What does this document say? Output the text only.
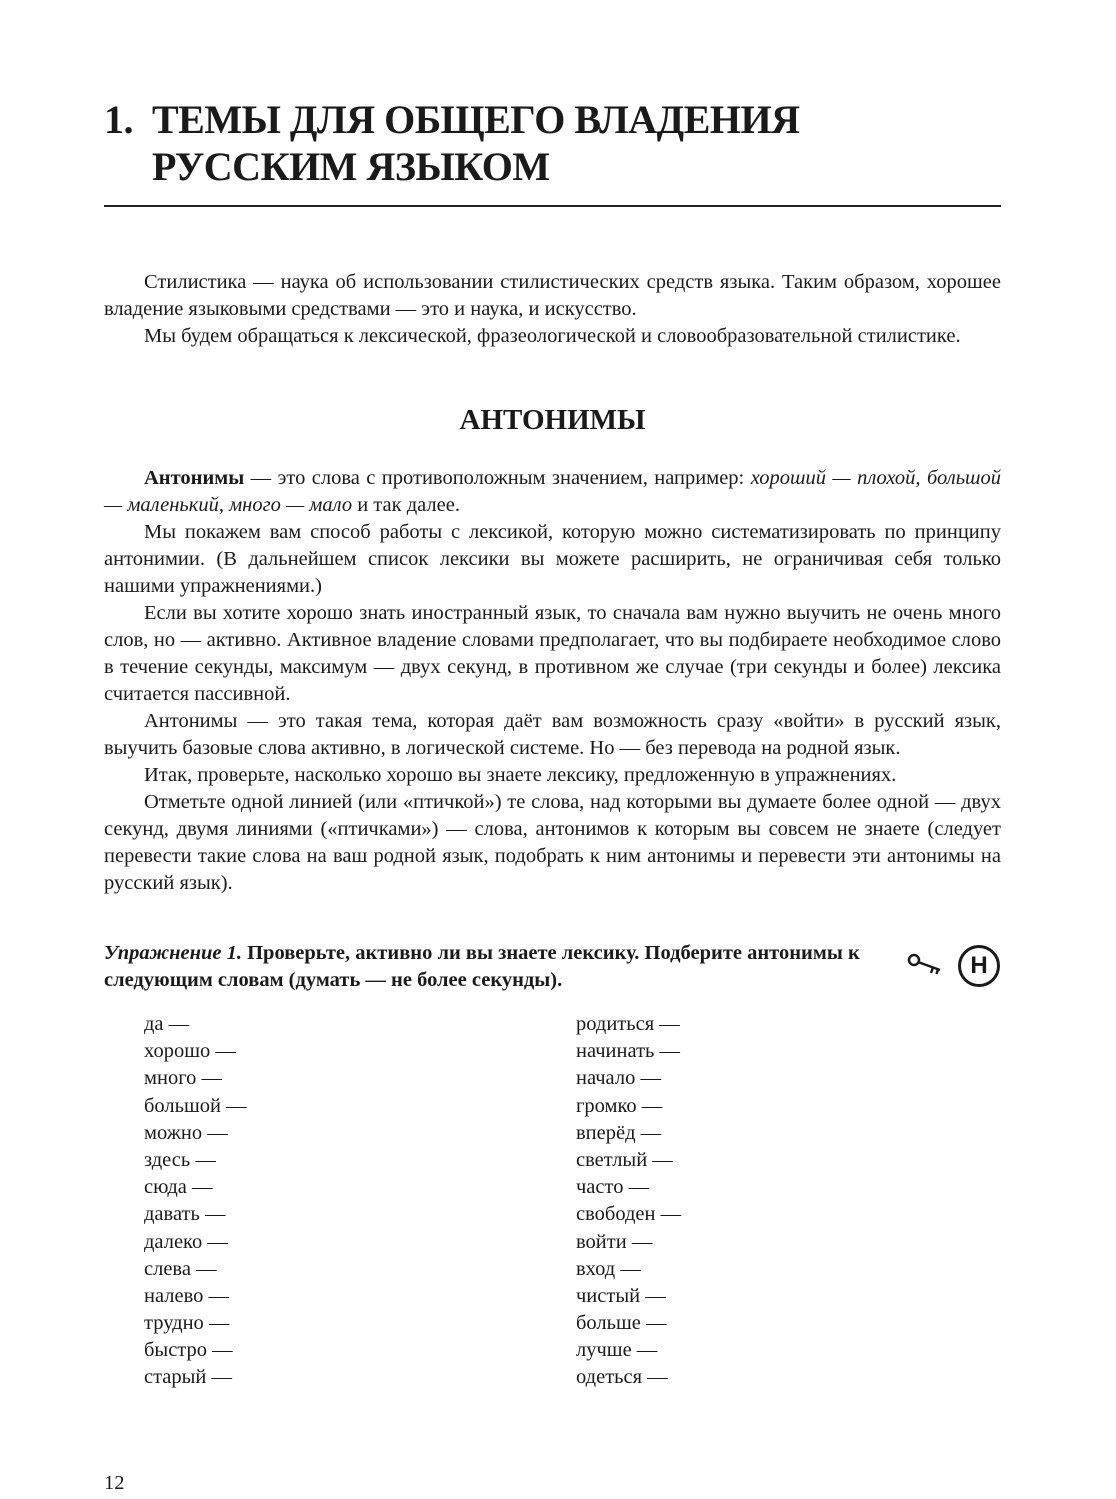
1. ТЕМЫ ДЛЯ ОБЩЕГО ВЛАДЕНИЯ
РУССКИМ ЯЗЫКОМ

Стилистика — наука об использовании стилистических средств языка. Таким образом, хорошее владение языковыми средствами — это и наука, и искусство.

Мы будем обращаться к лексической, фразеологической и словообразовательной стилистике.

АНТОНИМЫ

Антонимы — это слова с противоположным значением, например: хороший — плохой, большой — маленький, много — мало и так далее.

Мы покажем вам способ работы с лексикой, которую можно систематизировать по принципу антонимии. (В дальнейшем список лексики вы можете расширить, не ограничивая себя только нашими упражнениями.)

Если вы хотите хорошо знать иностранный язык, то сначала вам нужно выучить не очень много слов, но — активно. Активное владение словами предполагает, что вы подбираете необходимое слово в течение секунды, максимум — двух секунд, в противном же случае (три секунды и более) лексика считается пассивной.

Антонимы — это такая тема, которая даёт вам возможность сразу «войти» в русский язык, выучить базовые слова активно, в логической системе. Но — без перевода на родной язык.

Итак, проверьте, насколько хорошо вы знаете лексику, предложенную в упражнениях.

Отметьте одной линией (или «птичкой») те слова, над которыми вы думаете более одной — двух секунд, двумя линиями («птичками») — слова, антонимов к которым вы совсем не знаете (следует перевести такие слова на ваш родной язык, подобрать к ним антонимы и перевести эти антонимы на русский язык).

Упражнение 1. Проверьте, активно ли вы знаете лексику. Подберите антонимы к следующим словам (думать — не более секунды).
Н
да —
хорошо —
много —
большой —
можно —
здесь —
сюда —
давать —
далеко —
слева —
налево —
трудно —
быстро —
старый —
родиться —
начинать —
начало —
громко —
вперёд —
светлый —
часто —
свободен —
войти —
вход —
чистый —
больше —
лучше —
одеться —
12
